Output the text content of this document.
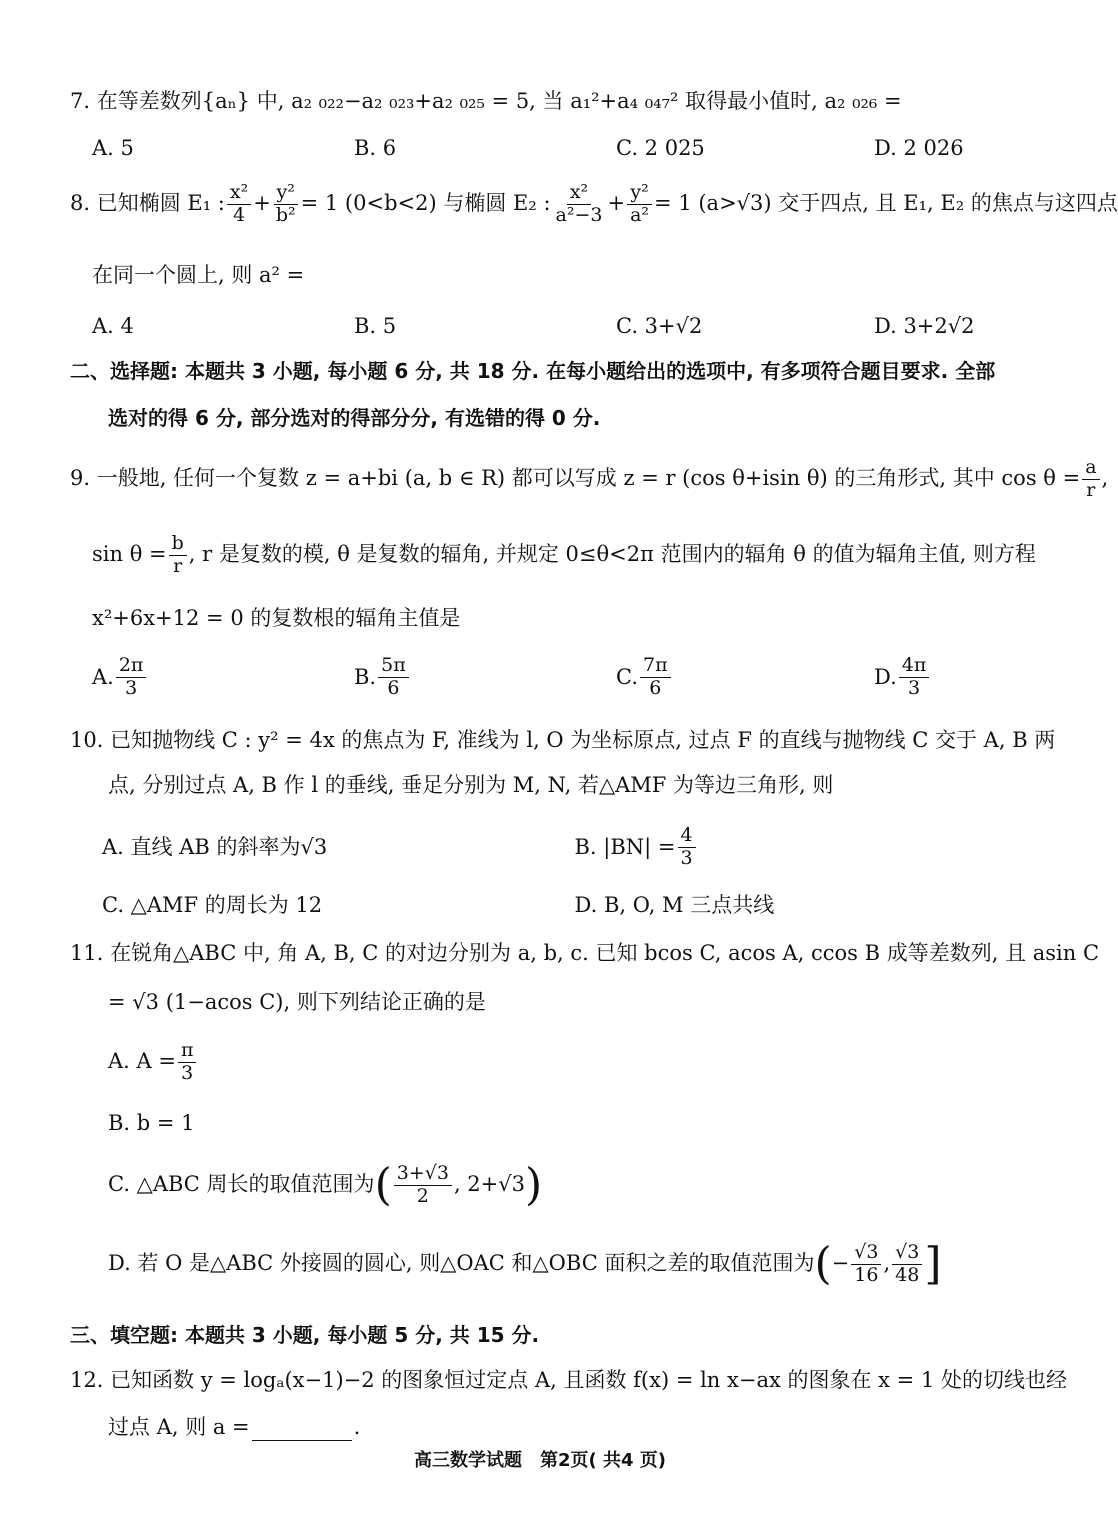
7. 在等差数列{aₙ} 中, a₂ ₀₂₂−a₂ ₀₂₃+a₂ ₀₂₅ = 5, 当 a₁²+a₄ ₀₄₇² 取得最小值时, a₂ ₀₂₆ =
A. 5	B. 6	C. 2 025	D. 2 026
8. 已知椭圆 E₁ : $\frac{\text{x²}}{4} + \frac{\text{y²}}{\text{b²}} = 1$ (0<b<2) 与椭圆 E₂ : $\frac{\text{x²}}{\text{a²−3}} + \frac{\text{y²}}{\text{a²}} = 1$ (a>√3) 交于四点, 且 E₁, E₂ 的焦点与这四点
在同一个圆上, 则 a² =
A. 4	B. 5	C. 3+√2	D. 3+2√2
二、选择题: 本题共 3 小题, 每小题 6 分, 共 18 分. 在每小题给出的选项中, 有多项符合题目要求. 全部
选对的得 6 分, 部分选对的得部分分, 有选错的得 0 分.
9. 一般地, 任何一个复数 z = a+bi (a, b ∈ R) 都可以写成 z = r (cos θ+isin θ) 的三角形式, 其中 $\cos \theta = \frac{a}{r}$ ,
$\sin \theta = \frac{b}{r}$ , r 是复数的模, θ 是复数的辐角, 并规定 0≤θ<2π 范围内的辐角 θ 的值为辐角主值, 则方程
x²+6x+12 = 0 的复数根的辐角主值是
A. $\frac{2\pi}{3}$	B. $\frac{5\pi}{6}$	C. $\frac{7\pi}{6}$	D. $\frac{4\pi}{3}$
10. 已知抛物线 C : y² = 4x 的焦点为 F, 准线为 l, O 为坐标原点, 过点 F 的直线与抛物线 C 交于 A, B 两
点, 分别过点 A, B 作 l 的垂线, 垂足分别为 M, N, 若△AMF 为等边三角形, 则
A. 直线 AB 的斜率为√3	B. $|BN| = \frac{4}{3}$
C. △AMF 的周长为 12	D. B, O, M 三点共线
11. 在锐角△ABC 中, 角 A, B, C 的对边分别为 a, b, c. 已知 bcos C, acos A, ccos B 成等差数列, 且 asin C
= √3 (1−acos C), 则下列结论正确的是
A. $A = \frac{\pi}{3}$
B. b = 1
C. △ABC 周长的取值范围为( $\frac{3+√3}{2}$ , 2+√3)
D. 若 O 是△ABC 外接圆的圆心, 则△OAC 和△OBC 面积之差的取值范围为(− $\frac{√3}{16}$ , $\frac{√3}{48}$ ]
三、填空题: 本题共 3 小题, 每小题 5 分, 共 15 分.
12. 已知函数 y = logₐ(x−1)−2 的图象恒过定点 A, 且函数 f(x) = ln x−ax 的图象在 x = 1 处的切线也经
过点 A, 则 a =	.
高三数学试题　第2页( 共4 页)
